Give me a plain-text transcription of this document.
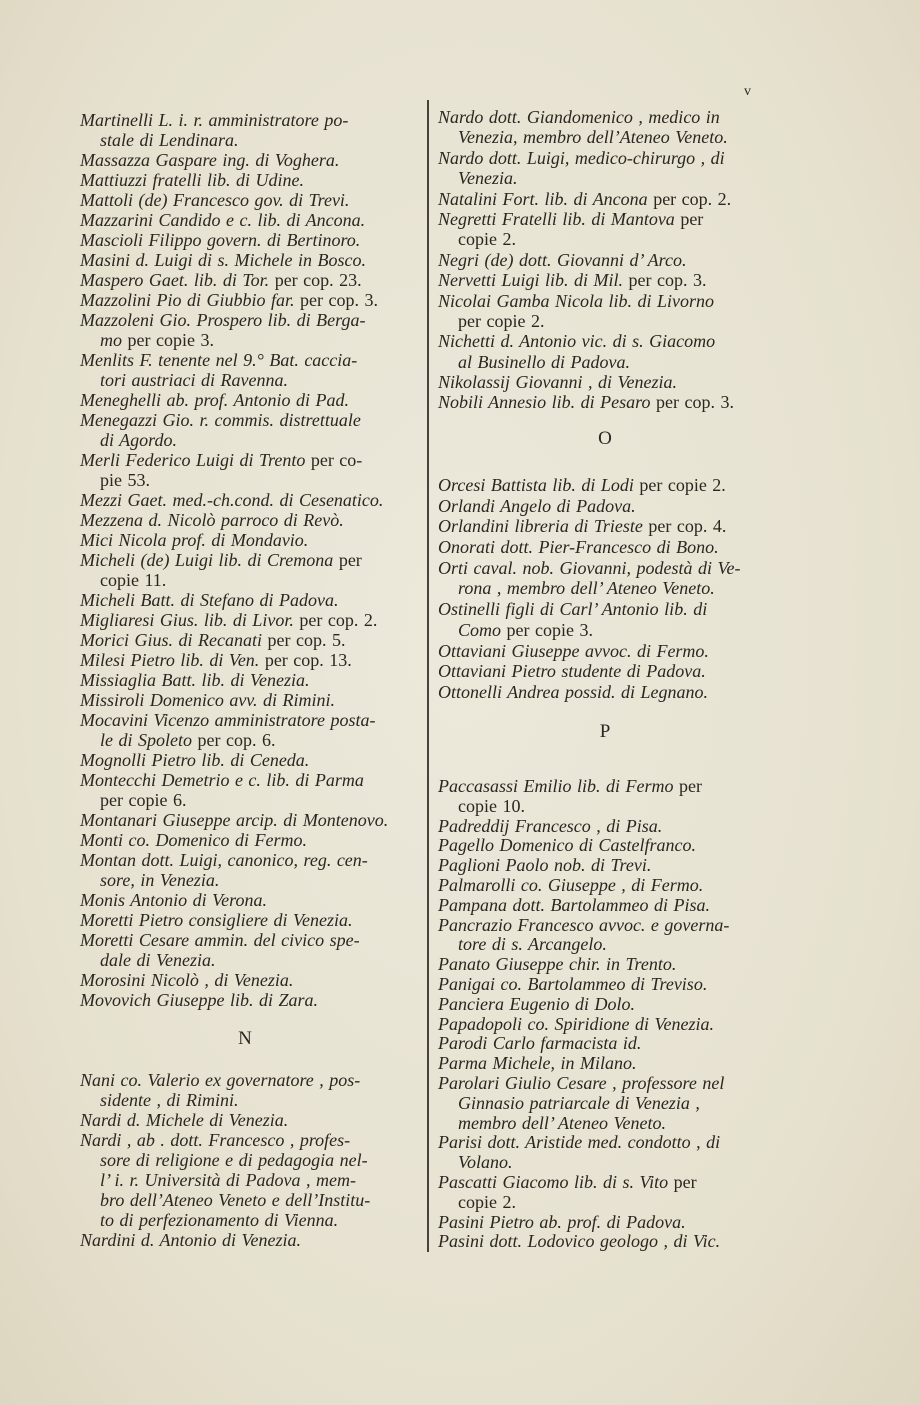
v
Martinelli L. i. r. amministratore po-
stale di Lendinara.
Massazza Gaspare ing. di Voghera.
Mattiuzzi fratelli lib. di Udine.
Mattoli (de) Francesco gov. di Trevi.
Mazzarini Candido e c. lib. di Ancona.
Mascioli Filippo govern. di Bertinoro.
Masini d. Luigi di s. Michele in Bosco.
Maspero Gaet. lib. di Tor. per cop. 23.
Mazzolini Pio di Giubbio far. per cop. 3.
Mazzoleni Gio. Prospero lib. di Berga-
mo per copie 3.
Menlits F. tenente nel 9.° Bat. caccia-
tori austriaci di Ravenna.
Meneghelli ab. prof. Antonio di Pad.
Menegazzi Gio. r. commis. distrettuale
di Agordo.
Merli Federico Luigi di Trento per co-
pie 53.
Mezzi Gaet. med.-ch.cond. di Cesenatico.
Mezzena d. Nicolò parroco di Revò.
Mici Nicola prof. di Mondavio.
Micheli (de) Luigi lib. di Cremona per
copie 11.
Micheli Batt. di Stefano di Padova.
Migliaresi Gius. lib. di Livor. per cop. 2.
Morici Gius. di Recanati per cop. 5.
Milesi Pietro lib. di Ven. per cop. 13.
Missiaglia Batt. lib. di Venezia.
Missiroli Domenico avv. di Rimini.
Mocavini Vicenzo amministratore posta-
le di Spoleto per cop. 6.
Mognolli Pietro lib. di Ceneda.
Montecchi Demetrio e c. lib. di Parma
per copie 6.
Montanari Giuseppe arcip. di Montenovo.
Monti co. Domenico di Fermo.
Montan dott. Luigi, canonico, reg. cen-
sore, in Venezia.
Monis Antonio di Verona.
Moretti Pietro consigliere di Venezia.
Moretti Cesare ammin. del civico spe-
dale di Venezia.
Morosini Nicolò , di Venezia.
Movovich Giuseppe lib. di Zara.
N
Nani co. Valerio ex governatore , pos-
sidente , di Rimini.
Nardi d. Michele di Venezia.
Nardi , ab . dott. Francesco , profes-
sore di religione e di pedagogia nel-
l’ i. r. Università di Padova , mem-
bro dell’Ateneo Veneto e dell’Institu-
to di perfezionamento di Vienna.
Nardini d. Antonio di Venezia.
Nardo dott. Giandomenico , medico in
Venezia, membro dell’Ateneo Veneto.
Nardo dott. Luigi, medico-chirurgo , di
Venezia.
Natalini Fort. lib. di Ancona per cop. 2.
Negretti Fratelli lib. di Mantova per
copie 2.
Negri (de) dott. Giovanni d’ Arco.
Nervetti Luigi lib. di Mil. per cop. 3.
Nicolai Gamba Nicola lib. di Livorno
per copie 2.
Nichetti d. Antonio vic. di s. Giacomo
al Businello di Padova.
Nikolassij Giovanni , di Venezia.
Nobili Annesio lib. di Pesaro per cop. 3.
O
Orcesi Battista lib. di Lodi per copie 2.
Orlandi Angelo di Padova.
Orlandini libreria di Trieste per cop. 4.
Onorati dott. Pier-Francesco di Bono.
Orti caval. nob. Giovanni, podestà di Ve-
rona , membro dell’ Ateneo Veneto.
Ostinelli figli di Carl’ Antonio lib. di
Como per copie 3.
Ottaviani Giuseppe avvoc. di Fermo.
Ottaviani Pietro studente di Padova.
Ottonelli Andrea possid. di Legnano.
P
Paccasassi Emilio lib. di Fermo per
copie 10.
Padreddij Francesco , di Pisa.
Pagello Domenico di Castelfranco.
Paglioni Paolo nob. di Trevi.
Palmarolli co. Giuseppe , di Fermo.
Pampana dott. Bartolammeo di Pisa.
Pancrazio Francesco avvoc. e governa-
tore di s. Arcangelo.
Panato Giuseppe chir. in Trento.
Panigai co. Bartolammeo di Treviso.
Panciera Eugenio di Dolo.
Papadopoli co. Spiridione di Venezia.
Parodi Carlo farmacista id.
Parma Michele, in Milano.
Parolari Giulio Cesare , professore nel
Ginnasio patriarcale di Venezia ,
membro dell’ Ateneo Veneto.
Parisi dott. Aristide med. condotto , di
Volano.
Pascatti Giacomo lib. di s. Vito per
copie 2.
Pasini Pietro ab. prof. di Padova.
Pasini dott. Lodovico geologo , di Vic.
